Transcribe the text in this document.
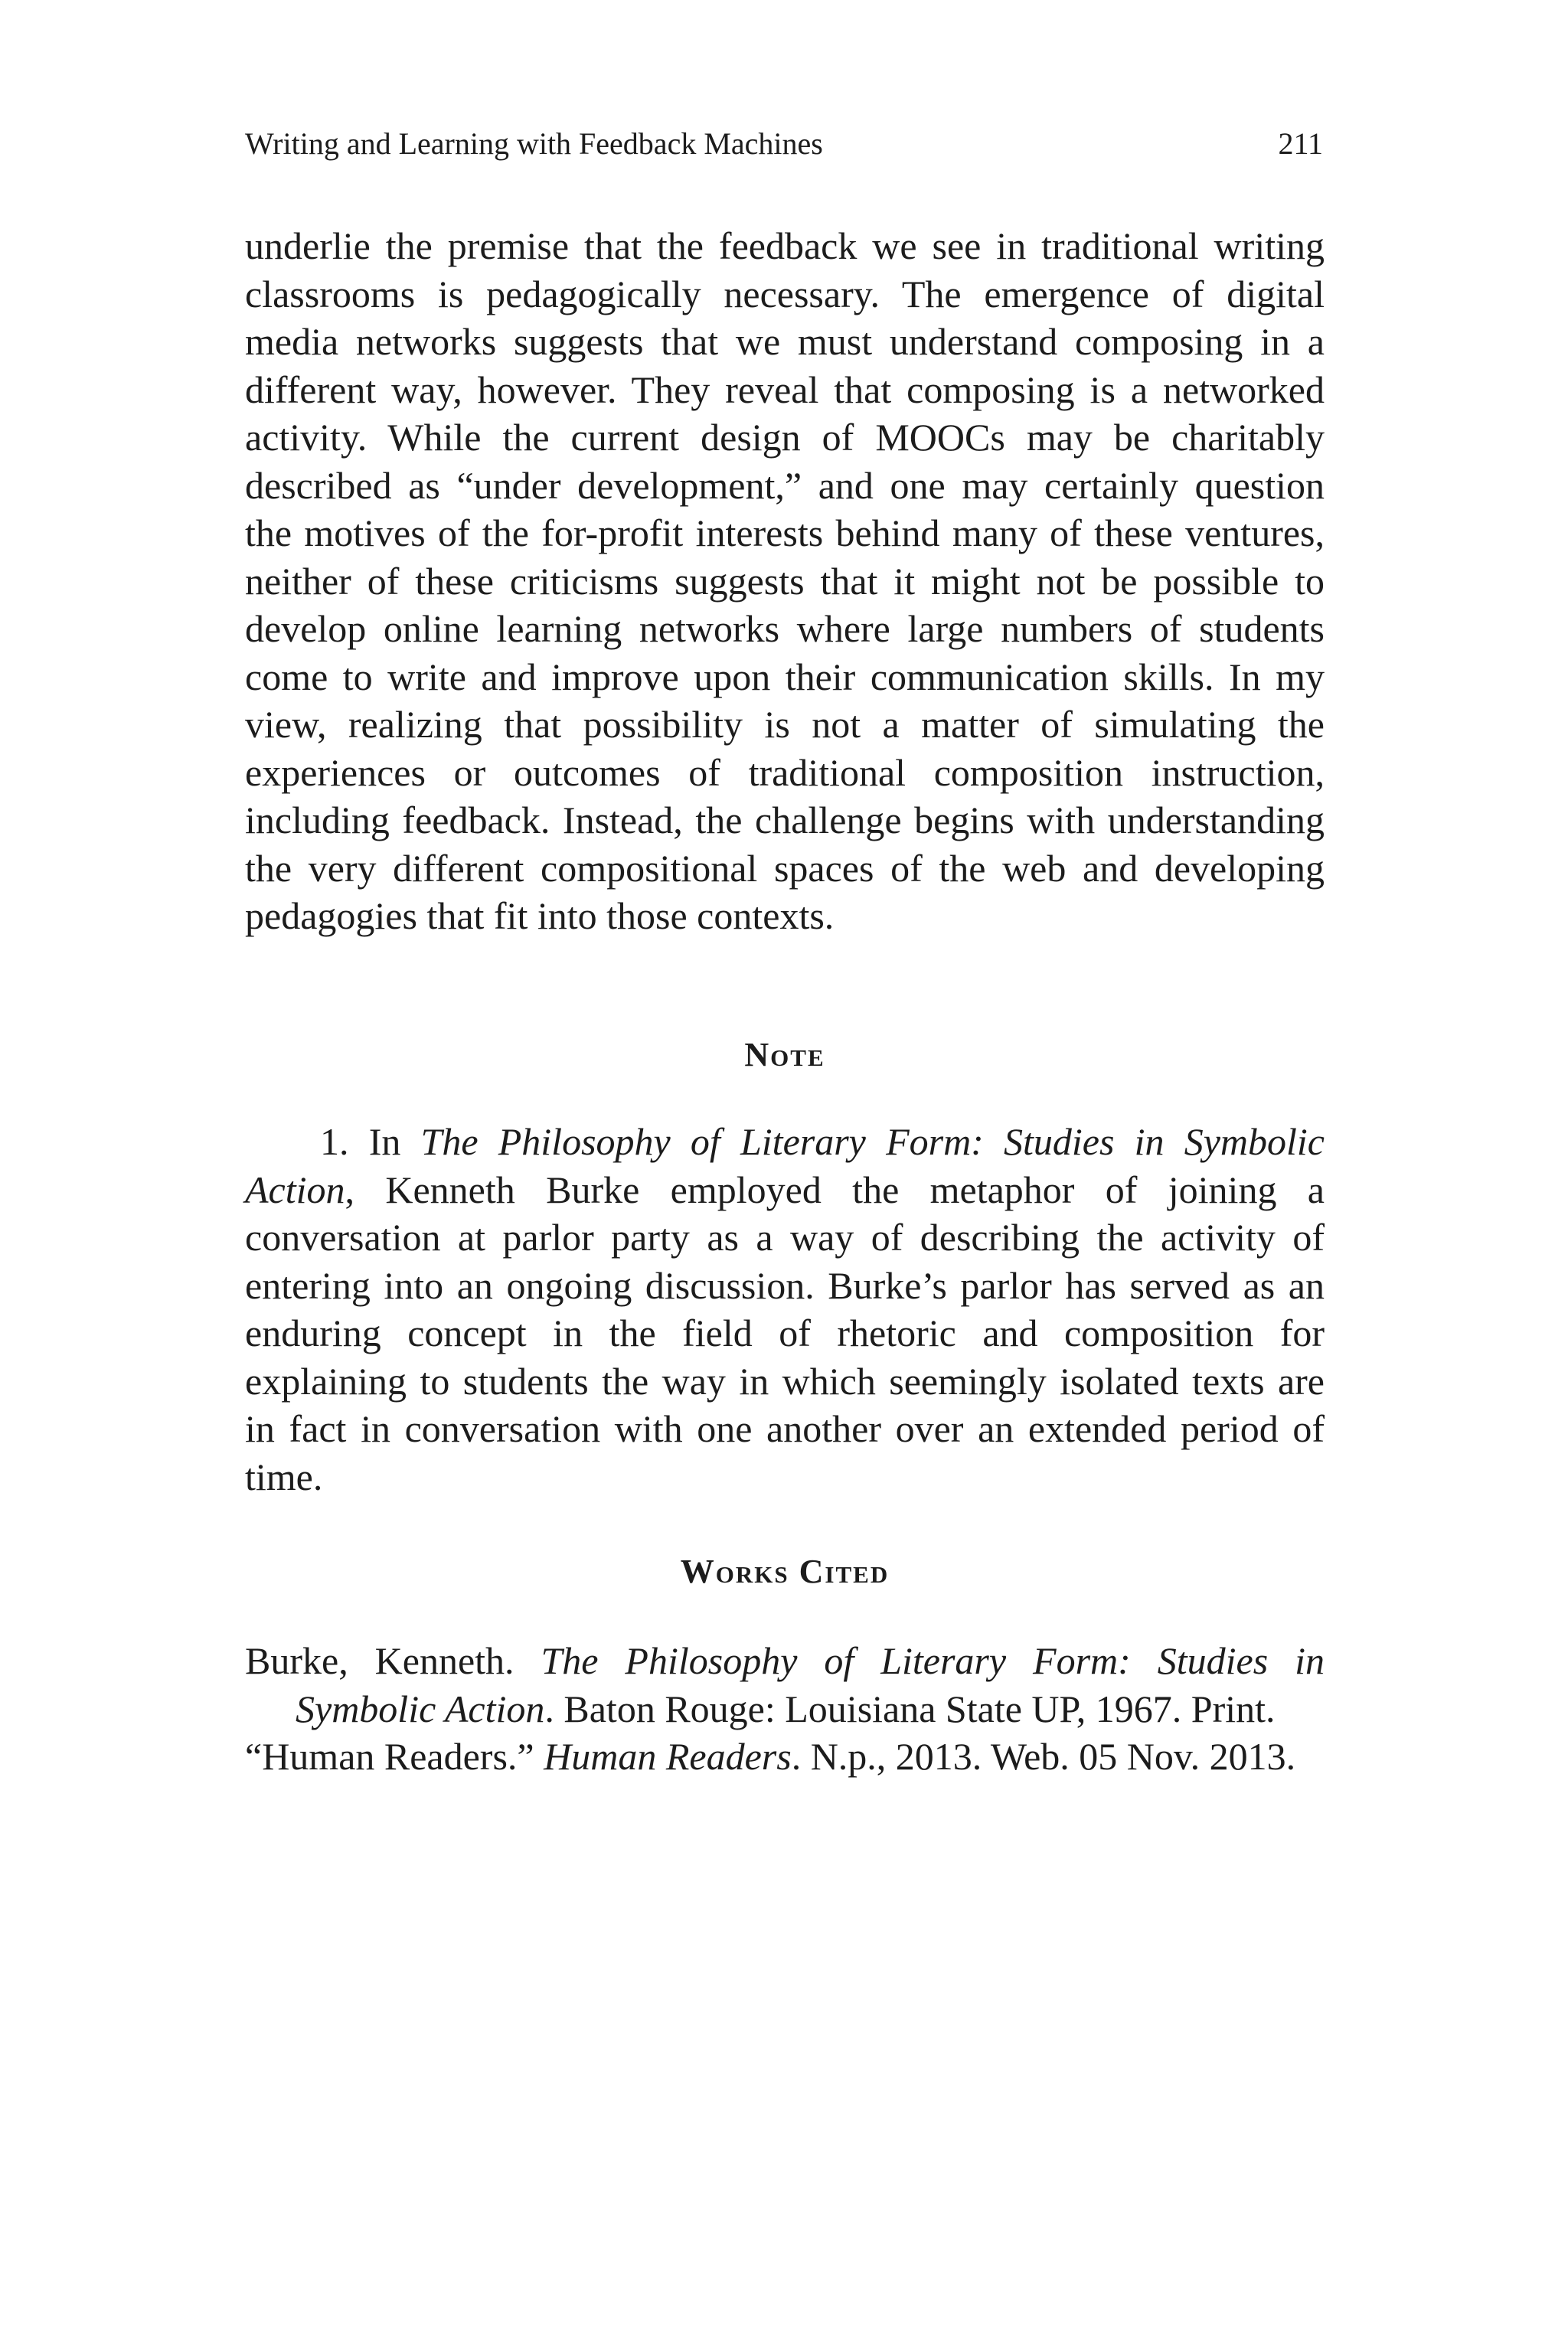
Writing and Learning with Feedback Machines	211

underlie the premise that the feedback we see in traditional writing classrooms is pedagogically necessary. The emergence of digital media networks suggests that we must understand composing in a different way, however. They reveal that composing is a networked activity. While the current design of MOOCs may be charitably described as “under development,” and one may certainly question the motives of the for-profit interests behind many of these ventures, neither of these criticisms suggests that it might not be possible to develop online learning networks where large numbers of students come to write and improve upon their communication skills. In my view, realizing that possibility is not a matter of simulating the experiences or outcomes of traditional composition instruction, including feedback. Instead, the challenge begins with understanding the very different compositional spaces of the web and developing pedagogies that fit into those contexts.

Note

1. In The Philosophy of Literary Form: Studies in Symbolic Action, Kenneth Burke employed the metaphor of joining a conversation at parlor party as a way of describing the activity of entering into an ongoing discussion. Burke’s parlor has served as an enduring concept in the field of rhetoric and composition for explaining to students the way in which seemingly isolated texts are in fact in conversation with one another over an extended period of time.

Works Cited

Burke, Kenneth. The Philosophy of Literary Form: Studies in Symbolic Action. Baton Rouge: Louisiana State UP, 1967. Print.

“Human Readers.” Human Readers. N.p., 2013. Web. 05 Nov. 2013.
